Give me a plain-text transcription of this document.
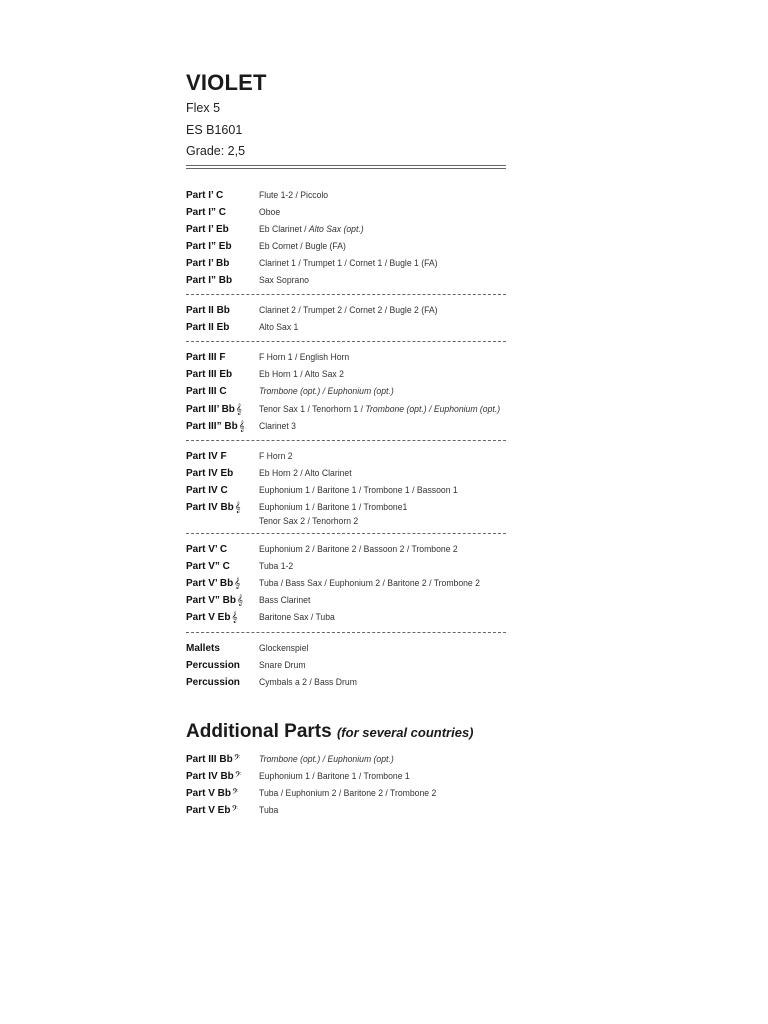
VIOLET
Flex 5
ES B1601
Grade: 2,5
Part I’ C	Flute 1-2 / Piccolo
Part I” C	Oboe
Part I’ Eb	Eb Clarinet / Alto Sax (opt.)
Part I” Eb	Eb Cornet / Bugle (FA)
Part I’ Bb	Clarinet 1 / Trumpet 1 / Cornet 1 / Bugle 1 (FA)
Part I” Bb	Sax Soprano
Part II Bb	Clarinet 2 / Trumpet 2 / Cornet 2 / Bugle 2 (FA)
Part II Eb	Alto Sax 1
Part III F	F Horn 1 / English Horn
Part III Eb	Eb Horn 1 / Alto Sax 2
Part III C	Trombone (opt.) / Euphonium (opt.)
Part III’ Bb𝄞	Tenor Sax 1 / Tenorhorn 1 / Trombone (opt.) / Euphonium (opt.)
Part III” Bb𝄞	Clarinet 3
Part IV F	F Horn 2
Part IV Eb	Eb Horn 2 / Alto Clarinet
Part IV C	Euphonium 1 / Baritone 1 / Trombone 1 / Bassoon 1
Part IV Bb𝄞	Euphonium 1 / Baritone 1 / Trombone1
Tenor Sax 2 / Tenorhorn 2
Part V’ C	Euphonium 2 / Baritone 2 / Bassoon 2 / Trombone 2
Part V” C	Tuba 1-2
Part V’ Bb𝄞	Tuba / Bass Sax / Euphonium 2 / Baritone 2 / Trombone 2
Part V” Bb𝄞	Bass Clarinet
Part V Eb𝄞	Baritone Sax / Tuba
Mallets	Glockenspiel
Percussion	Snare Drum
Percussion	Cymbals a 2 / Bass Drum
Additional Parts (for several countries)
Part III Bb𝄢	Trombone (opt.) / Euphonium (opt.)
Part IV Bb𝄢	Euphonium 1 / Baritone 1 / Trombone 1
Part V Bb𝄢	Tuba / Euphonium 2 / Baritone 2 / Trombone 2
Part V Eb𝄢	Tuba
